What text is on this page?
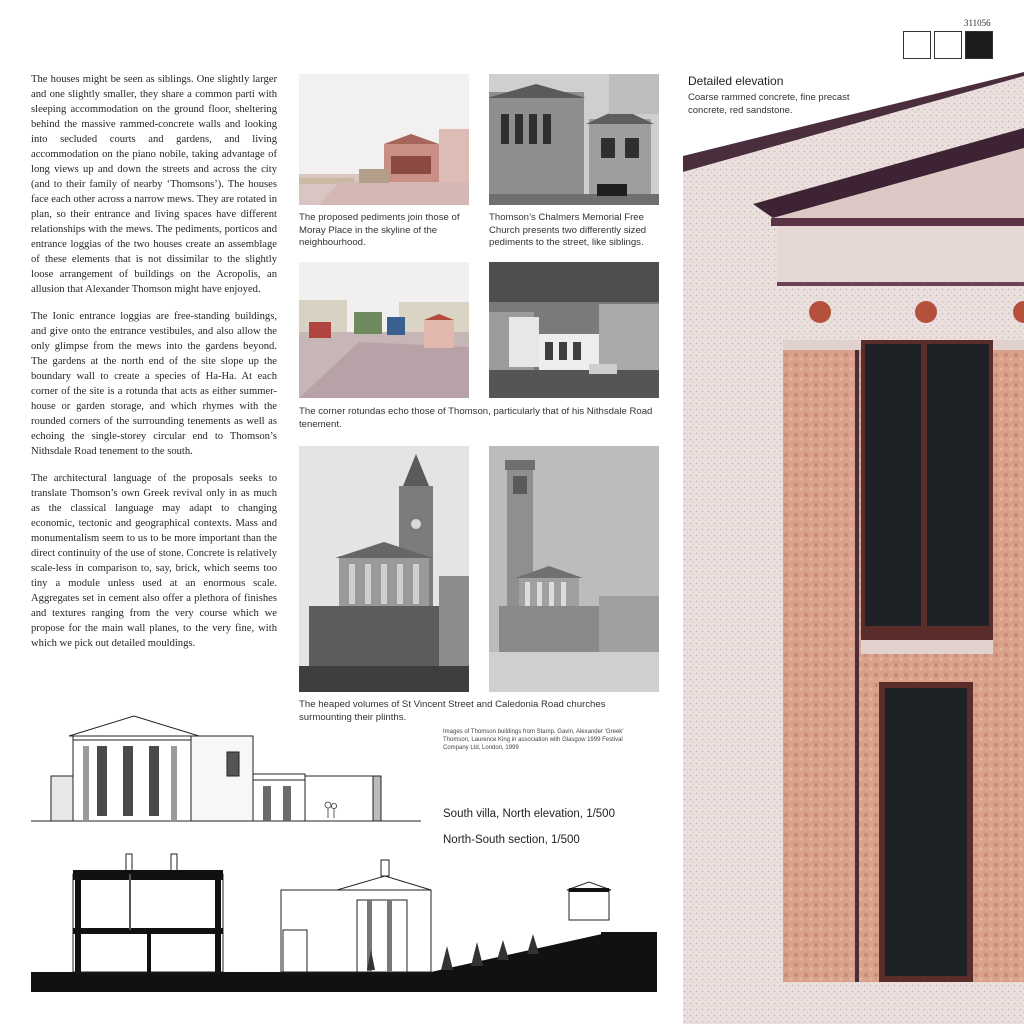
311056

The houses might be seen as siblings. One slightly larger and one slightly smaller, they share a common parti with sleeping accommodation on the ground floor, sheltering behind the massive rammed-concrete walls and looking into secluded courts and gardens, and living accommodation on the piano nobile, taking advantage of long views up and down the streets and across the city (and to their family of nearby ‘Thomsons’). The houses face each other across a narrow mews. They are rotated in plan, so their entrance and living spaces have different relationships with the mews. The pediments, porticos and entrance loggias of the two houses create an assemblage of these elements that is not dissimilar to the slightly loose arrangement of buildings on the Acropolis, an allusion that Alexander Thomson might have enjoyed.

The Ionic entrance loggias are free-standing buildings, and give onto the entrance vestibules, and also allow the only glimpse from the mews into the gardens beyond. The gardens at the north end of the site slope up the boundary wall to create a species of Ha-Ha. At each corner of the site is a rotunda that acts as either summer-house or garden storage, and which rhymes with the rounded corners of the surrounding tenements as well as echoing the single-storey circular end to Thomson’s Nithsdale Road tenement to the south.

The architectural language of the proposals seeks to translate Thomson’s own Greek revival only in as much as the classical language may adapt to changing economic, tectonic and geographical contexts. Mass and monumentalism seem to us to be more important than the direct continuity of the use of stone. Concrete is relatively scale-less in comparison to, say, brick, which seems too tiny a module unless used at an enormous scale. Aggregates set in cement also offer a plethora of finishes and textures ranging from the very course which we propose for the main wall planes, to the very fine, with which we pick out detailed mouldings.

The proposed pediments join those of Moray Place in the skyline of the neighbourhood.
Thomson’s Chalmers Memorial Free Church presents two differently sized pediments to the street, like siblings.
The corner rotundas echo those of Thomson, particularly that of his Nithsdale Road tenement.
The heaped volumes of St Vincent Street and Caledonia Road churches surmounting their plinths.
Images of Thomson buildings from Stamp, Gavin, Alexander ‘Greek’ Thomson, Laurence King in association with Glasgow 1999 Festival Company Ltd, London, 1999
South villa, North elevation, 1/500
North-South section, 1/500
Detailed elevation
Coarse rammed concrete, fine precast concrete, red sandstone.
